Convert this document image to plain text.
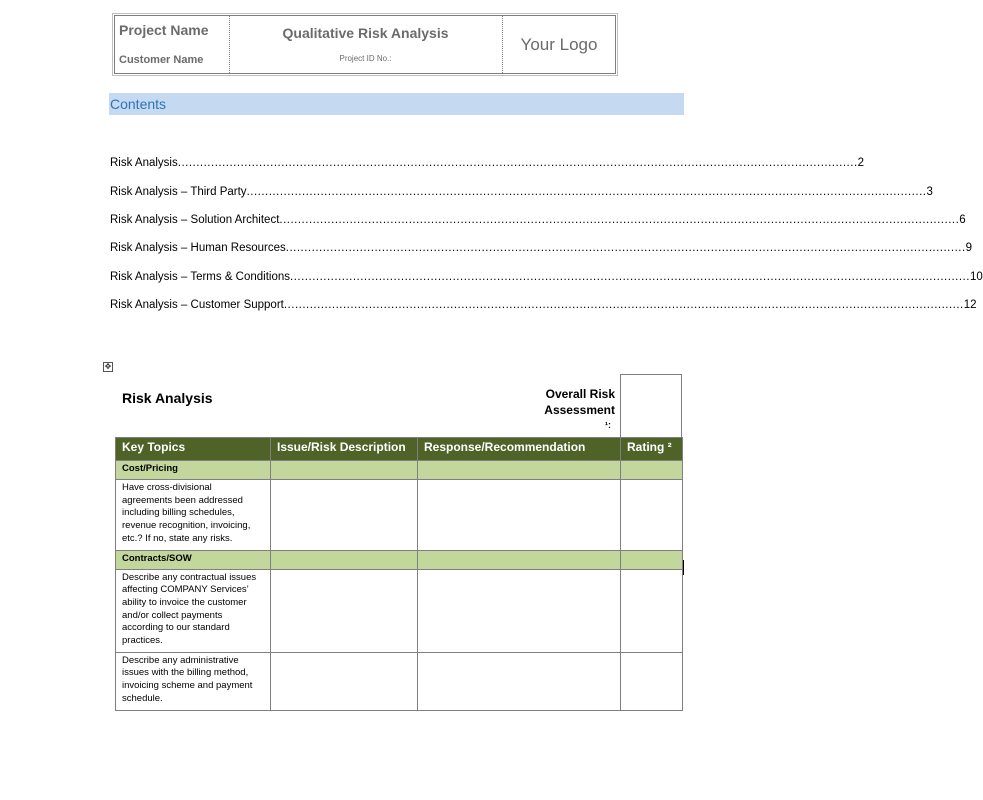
Project Name
Customer Name
Qualitative Risk Analysis
Project ID No.:
Your Logo
Contents
Risk Analysis ........................................................................................................................................................................................ 2
Risk Analysis – Third Party ........................................................................................................................................................................................ 3
Risk Analysis – Solution Architect ........................................................................................................................................................................................ 6
Risk Analysis – Human Resources ........................................................................................................................................................................................ 9
Risk Analysis – Terms & Conditions ........................................................................................................................................................................................ 10
Risk Analysis – Customer Support ........................................................................................................................................................................................ 12
✥
Risk Analysis	Overall Risk
Assessment
¹:
Key Topics	Issue/Risk Description	Response/Recommendation	Rating ²
Cost/Pricing			
Have cross-divisional agreements been addressed including billing schedules, revenue recognition, invoicing, etc.? If no, state any risks.			
Contracts/SOW			
Describe any contractual issues affecting COMPANY Services’ ability to invoice the customer and/or collect payments according to our standard practices.			
Describe any administrative issues with the billing method, invoicing scheme and payment schedule.			
